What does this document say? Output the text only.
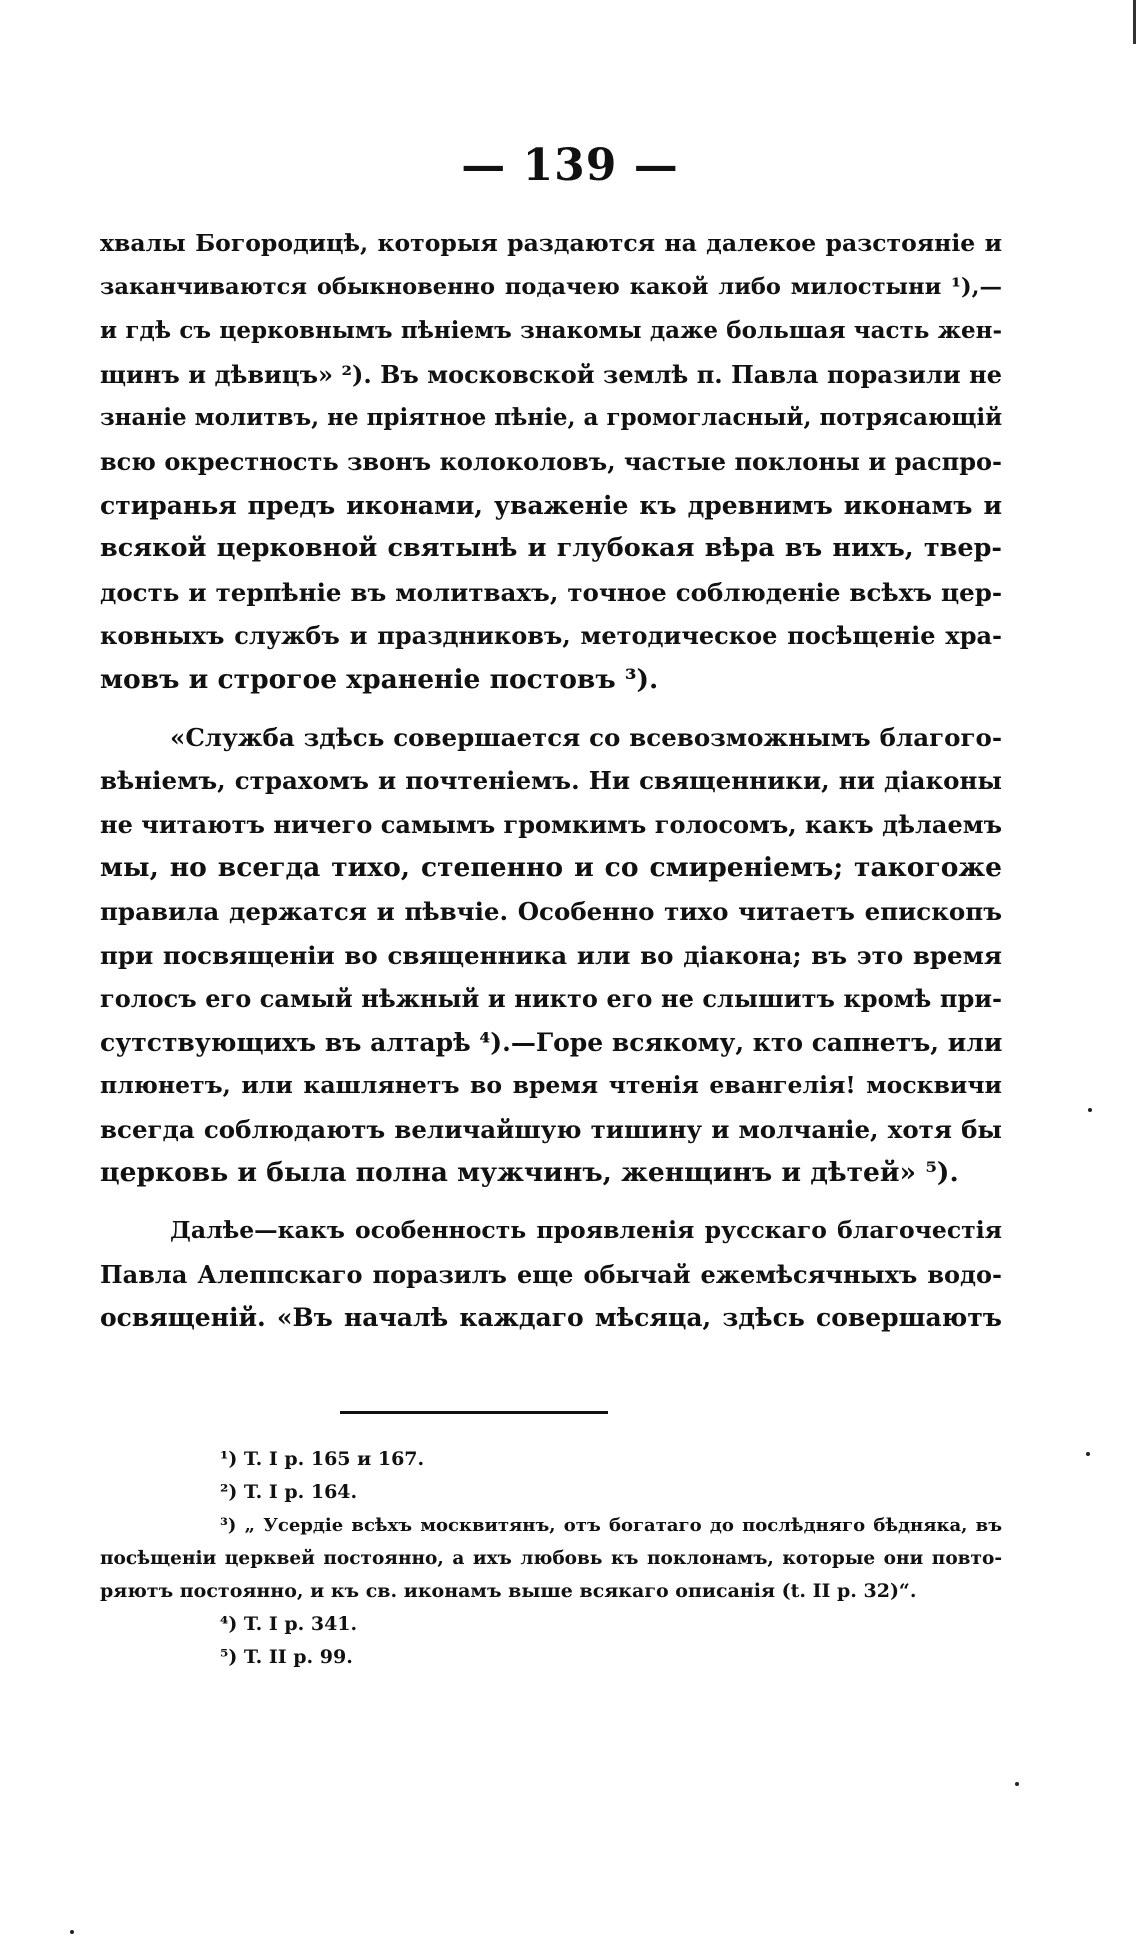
— 139 —
хвалы Богородицѣ, которыя раздаются на далекое разстояніе и
заканчиваются обыкновенно подачею какой либо милостыни ¹),—
и гдѣ съ церковнымъ пѣніемъ знакомы даже большая часть жен-
щинъ и дѣвицъ» ²). Въ московской землѣ п. Павла поразили не
знаніе молитвъ, не пріятное пѣніе, а громогласный, потрясающій
всю окрестность звонъ колоколовъ, частые поклоны и распро-
стиранья предъ иконами, уваженіе къ древнимъ иконамъ и
всякой церковной святынѣ и глубокая вѣра въ нихъ, твер-
дость и терпѣніе въ молитвахъ, точное соблюденіе всѣхъ цер-
ковныхъ службъ и праздниковъ, методическое посѣщеніе хра-
мовъ и строгое храненіе постовъ ³).
«Служба здѣсь совершается со всевозможнымъ благого-
вѣніемъ, страхомъ и почтеніемъ. Ни священники, ни діаконы
не читаютъ ничего самымъ громкимъ голосомъ, какъ дѣлаемъ
мы, но всегда тихо, степенно и со смиреніемъ; такогоже
правила держатся и пѣвчіе. Особенно тихо читаетъ епископъ
при посвященіи во священника или во діакона; въ это время
голосъ его самый нѣжный и никто его не слышитъ кромѣ при-
сутствующихъ въ алтарѣ ⁴).—Горе всякому, кто сапнетъ, или
плюнетъ, или кашлянетъ во время чтенія евангелія! москвичи
всегда соблюдаютъ величайшую тишину и молчаніе, хотя бы
церковь и была полна мужчинъ, женщинъ и дѣтей» ⁵).
Далѣе—какъ особенность проявленія русскаго благочестія
Павла Алеппскаго поразилъ еще обычай ежемѣсячныхъ водо-
освященій. «Въ началѣ каждаго мѣсяца, здѣсь совершаютъ
¹) T. I p. 165 и 167.
²) T. I p. 164.
³) „ Усердіе всѣхъ москвитянъ, отъ богатаго до послѣдняго бѣдняка, въ
посѣщеніи церквей постоянно, а ихъ любовь къ поклонамъ, которые они повто-
ряютъ постоянно, и къ св. иконамъ выше всякаго описанія (t. II p. 32)“.
⁴) T. I p. 341.
⁵) T. II p. 99.
